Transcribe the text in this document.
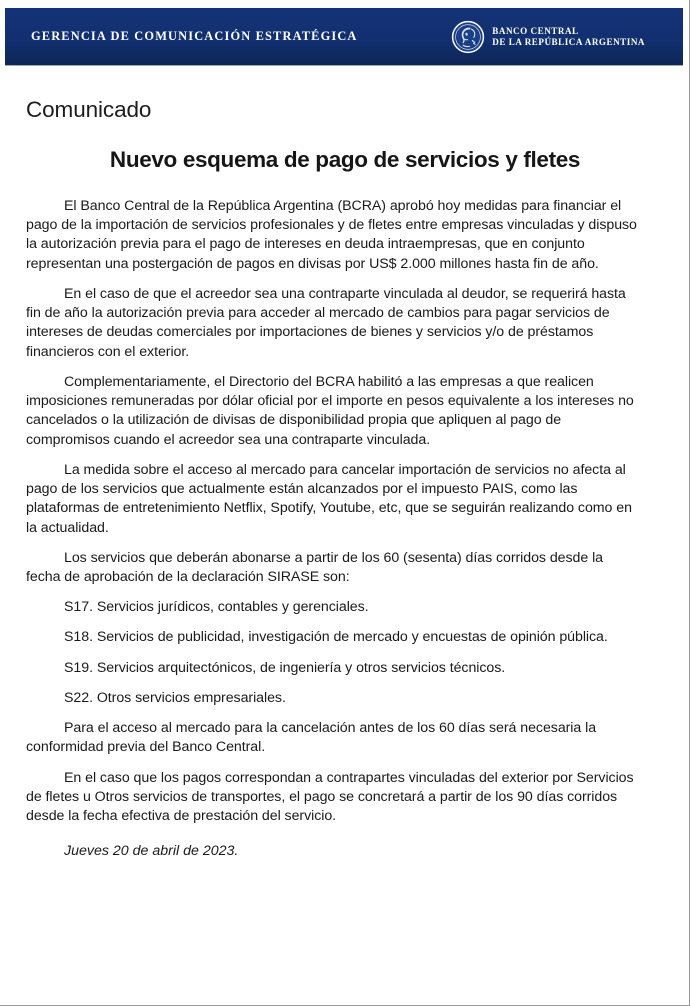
GERENCIA DE COMUNICACIÓN ESTRATÉGICA	BANCO CENTRAL
DE LA REPÚBLICA ARGENTINA
Comunicado
Nuevo esquema de pago de servicios y fletes

El Banco Central de la República Argentina (BCRA) aprobó hoy medidas para financiar el pago de la importación de servicios profesionales y de fletes entre empresas vinculadas y dispuso la autorización previa para el pago de intereses en deuda intraempresas, que en conjunto representan una postergación de pagos en divisas por US$ 2.000 millones hasta fin de año.

En el caso de que el acreedor sea una contraparte vinculada al deudor, se requerirá hasta fin de año la autorización previa para acceder al mercado de cambios para pagar servicios de intereses de deudas comerciales por importaciones de bienes y servicios y/o de préstamos financieros con el exterior.

Complementariamente, el Directorio del BCRA habilitó a las empresas a que realicen imposiciones remuneradas por dólar oficial por el importe en pesos equivalente a los intereses no cancelados o la utilización de divisas de disponibilidad propia que apliquen al pago de compromisos cuando el acreedor sea una contraparte vinculada.

La medida sobre el acceso al mercado para cancelar importación de servicios no afecta al pago de los servicios que actualmente están alcanzados por el impuesto PAIS, como las plataformas de entretenimiento Netflix, Spotify, Youtube, etc, que se seguirán realizando como en la actualidad.

Los servicios que deberán abonarse a partir de los 60 (sesenta) días corridos desde la fecha de aprobación de la declaración SIRASE son:

S17. Servicios jurídicos, contables y gerenciales.

S18. Servicios de publicidad, investigación de mercado y encuestas de opinión pública.

S19. Servicios arquitectónicos, de ingeniería y otros servicios técnicos.

S22. Otros servicios empresariales.

Para el acceso al mercado para la cancelación antes de los 60 días será necesaria la conformidad previa del Banco Central.

En el caso que los pagos correspondan a contrapartes vinculadas del exterior por Servicios de fletes u Otros servicios de transportes, el pago se concretará a partir de los 90 días corridos desde la fecha efectiva de prestación del servicio.

Jueves 20 de abril de 2023.
